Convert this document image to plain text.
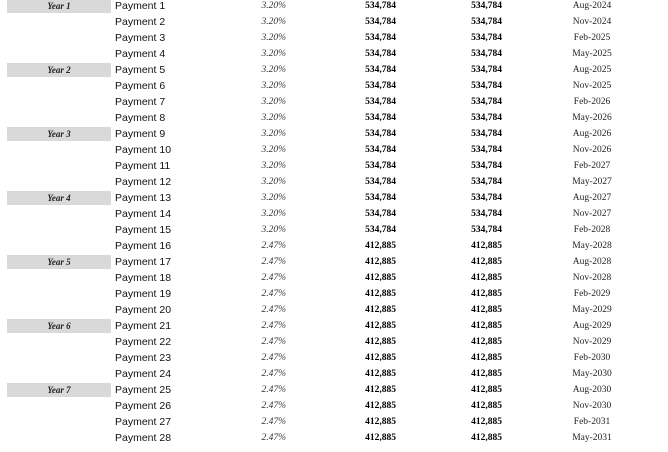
Year 1	Payment 1	3.20%	534,784	534,784	Aug-2024
Payment 2	3.20%	534,784	534,784	Nov-2024
Payment 3	3.20%	534,784	534,784	Feb-2025
Payment 4	3.20%	534,784	534,784	May-2025
Year 2	Payment 5	3.20%	534,784	534,784	Aug-2025
Payment 6	3.20%	534,784	534,784	Nov-2025
Payment 7	3.20%	534,784	534,784	Feb-2026
Payment 8	3.20%	534,784	534,784	May-2026
Year 3	Payment 9	3.20%	534,784	534,784	Aug-2026
Payment 10	3.20%	534,784	534,784	Nov-2026
Payment 11	3.20%	534,784	534,784	Feb-2027
Payment 12	3.20%	534,784	534,784	May-2027
Year 4	Payment 13	3.20%	534,784	534,784	Aug-2027
Payment 14	3.20%	534,784	534,784	Nov-2027
Payment 15	3.20%	534,784	534,784	Feb-2028
Payment 16	2.47%	412,885	412,885	May-2028
Year 5	Payment 17	2.47%	412,885	412,885	Aug-2028
Payment 18	2.47%	412,885	412,885	Nov-2028
Payment 19	2.47%	412,885	412,885	Feb-2029
Payment 20	2.47%	412,885	412,885	May-2029
Year 6	Payment 21	2.47%	412,885	412,885	Aug-2029
Payment 22	2.47%	412,885	412,885	Nov-2029
Payment 23	2.47%	412,885	412,885	Feb-2030
Payment 24	2.47%	412,885	412,885	May-2030
Year 7	Payment 25	2.47%	412,885	412,885	Aug-2030
Payment 26	2.47%	412,885	412,885	Nov-2030
Payment 27	2.47%	412,885	412,885	Feb-2031
Payment 28	2.47%	412,885	412,885	May-2031
